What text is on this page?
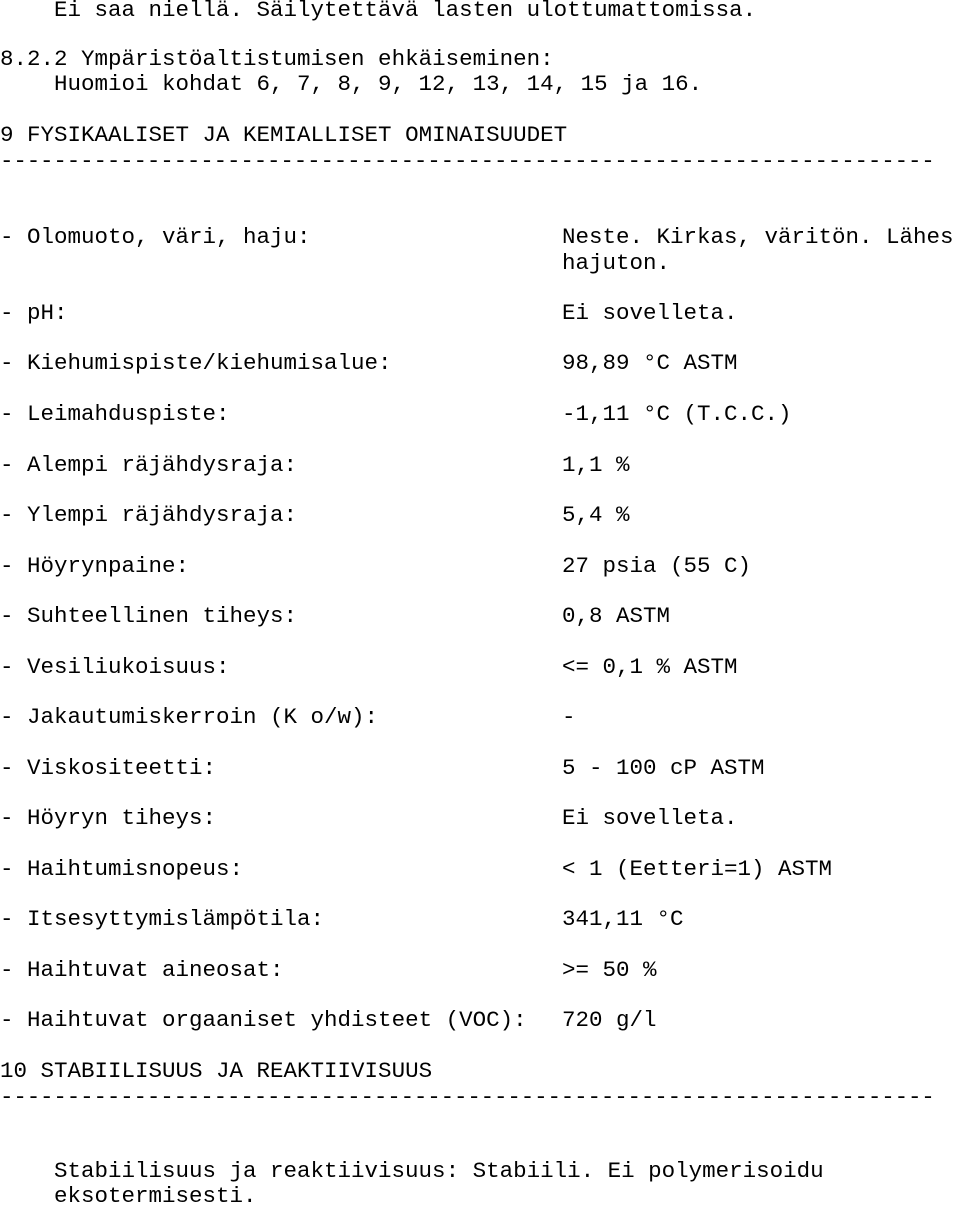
Ei saa niellä. Säilytettävä lasten ulottumattomissa.
8.2.2 Ympäristöaltistumisen ehkäiseminen:
Huomioi kohdat 6, 7, 8, 9, 12, 13, 14, 15 ja 16.
9 FYSIKAALISET JA KEMIALLISET OMINAISUUDET
----------------------------------------------------------------------
- Olomuoto, väri, haju:	Neste. Kirkas, väritön. Lähes hajuton.
- pH:	Ei sovelleta.
- Kiehumispiste/kiehumisalue:	98,89 °C ASTM
- Leimahduspiste:	-1,11 °C (T.C.C.)
- Alempi räjähdysraja:	1,1 %
- Ylempi räjähdysraja:	5,4 %
- Höyrynpaine:	27 psia (55 C)
- Suhteellinen tiheys:	0,8 ASTM
- Vesiliukoisuus:	<= 0,1 % ASTM
- Jakautumiskerroin (K o/w):	-
- Viskositeetti:	5 - 100 cP ASTM
- Höyryn tiheys:	Ei sovelleta.
- Haihtumisnopeus:	< 1 (Eetteri=1) ASTM
- Itsesyttymislämpötila:	341,11 °C
- Haihtuvat aineosat:	>= 50 %
- Haihtuvat orgaaniset yhdisteet (VOC): 720 g/l
10 STABIILISUUS JA REAKTIIVISUUS
----------------------------------------------------------------------
Stabiilisuus ja reaktiivisuus: Stabiili. Ei polymerisoidu
eksotermisesti.
